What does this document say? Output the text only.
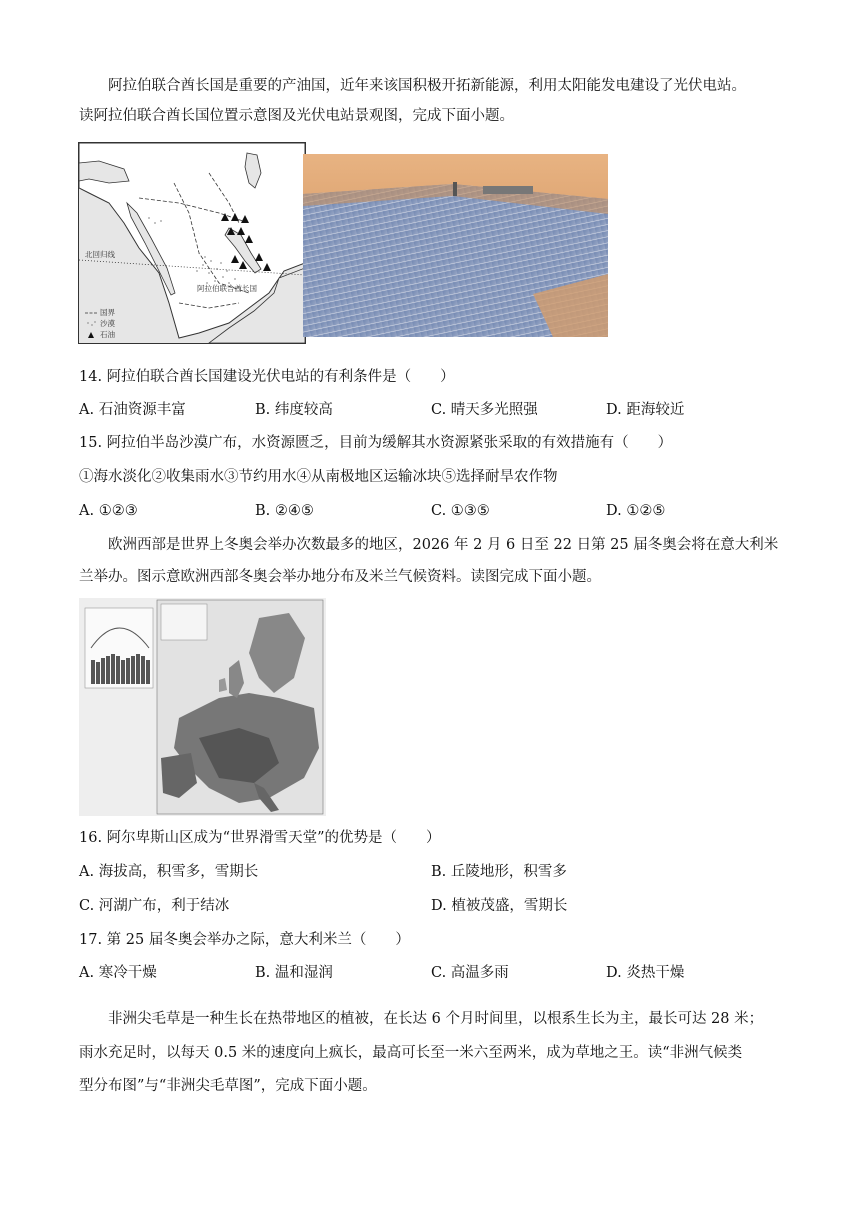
阿拉伯联合酋长国是重要的产油国，近年来该国积极开拓新能源，利用太阳能发电建设了光伏电站。
读阿拉伯联合酋长国位置示意图及光伏电站景观图，完成下面小题。
北回归线
阿拉伯联合酋长国
国界
沙漠
石油
14. 阿拉伯联合酋长国建设光伏电站的有利条件是（　　）
A. 石油资源丰富	B. 纬度较高	C. 晴天多光照强	D. 距海较近
15. 阿拉伯半岛沙漠广布，水资源匮乏，目前为缓解其水资源紧张采取的有效措施有（　　）
①海水淡化②收集雨水③节约用水④从南极地区运输冰块⑤选择耐旱农作物
A. ①②③	B. ②④⑤	C. ①③⑤	D. ①②⑤
欧洲西部是世界上冬奥会举办次数最多的地区，2026 年 2 月 6 日至 22 日第 25 届冬奥会将在意大利米
兰举办。图示意欧洲西部冬奥会举办地分布及米兰气候资料。读图完成下面小题。
16. 阿尔卑斯山区成为“世界滑雪天堂”的优势是（　　）
A. 海拔高，积雪多，雪期长	B. 丘陵地形，积雪多
C. 河湖广布，利于结冰	D. 植被茂盛，雪期长
17. 第 25 届冬奥会举办之际，意大利米兰（　　）
A. 寒冷干燥	B. 温和湿润	C. 高温多雨	D. 炎热干燥
非洲尖毛草是一种生长在热带地区的植被，在长达 6 个月时间里，以根系生长为主，最长可达 28 米；
雨水充足时，以每天 0.5 米的速度向上疯长，最高可长至一米六至两米，成为草地之王。读“非洲气候类
型分布图”与“非洲尖毛草图”，完成下面小题。
